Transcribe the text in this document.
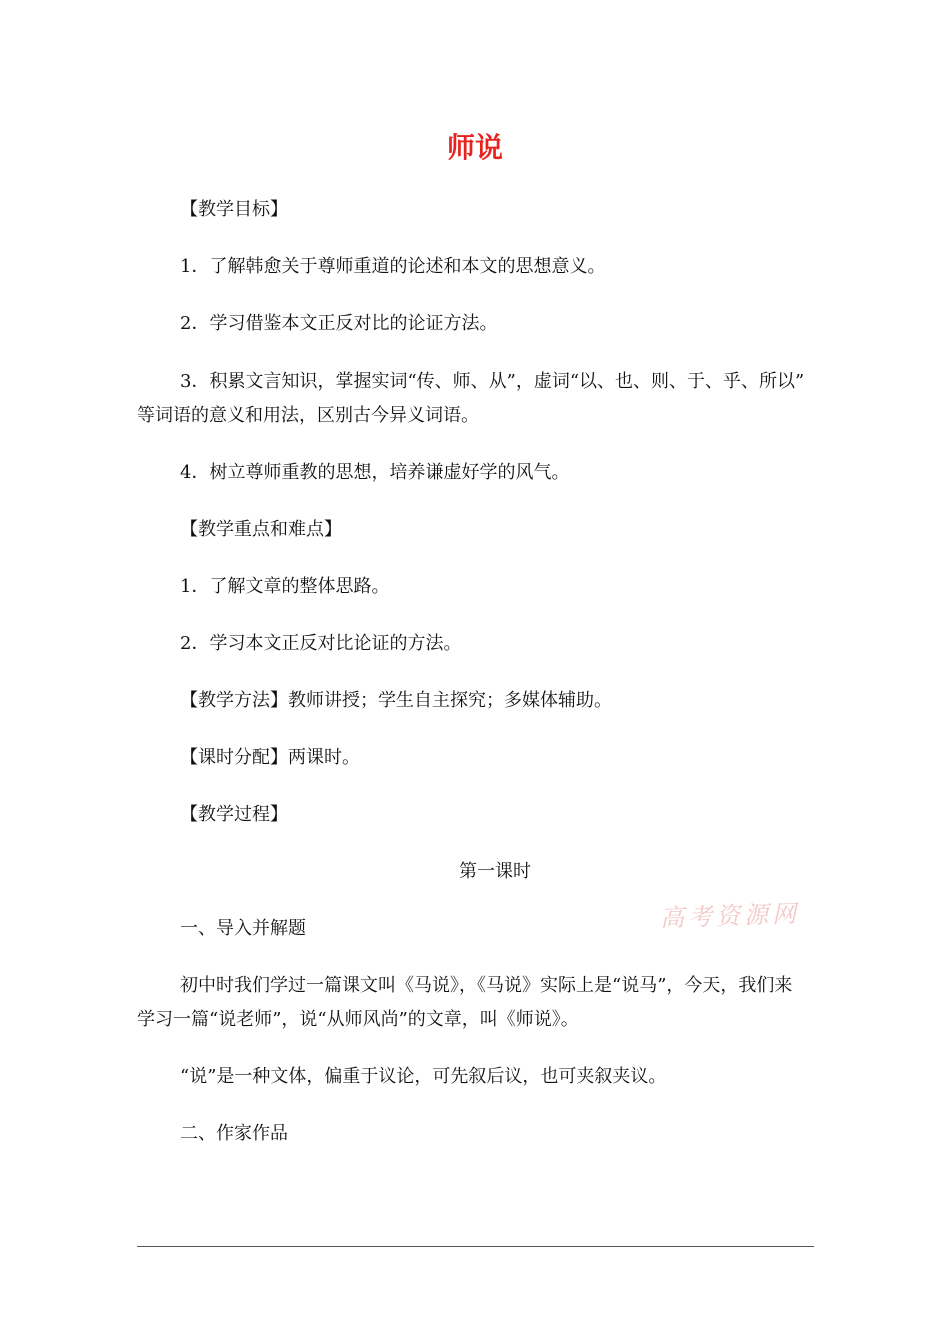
师说
【教学目标】
1．了解韩愈关于尊师重道的论述和本文的思想意义。
2．学习借鉴本文正反对比的论证方法。
3．积累文言知识，掌握实词“传、师、从”，虚词“以、也、则、于、乎、所以”
等词语的意义和用法，区别古今异义词语。
4．树立尊师重教的思想，培养谦虚好学的风气。
【教学重点和难点】
1．了解文章的整体思路。
2．学习本文正反对比论证的方法。
【教学方法】教师讲授；学生自主探究；多媒体辅助。
【课时分配】两课时。
【教学过程】
第一课时
高考资源网
一、导入并解题
初中时我们学过一篇课文叫《马说》，《马说》实际上是“说马”，今天，我们来
学习一篇“说老师”，说“从师风尚”的文章，叫《师说》。
“说”是一种文体，偏重于议论，可先叙后议，也可夹叙夹议。
二、作家作品
